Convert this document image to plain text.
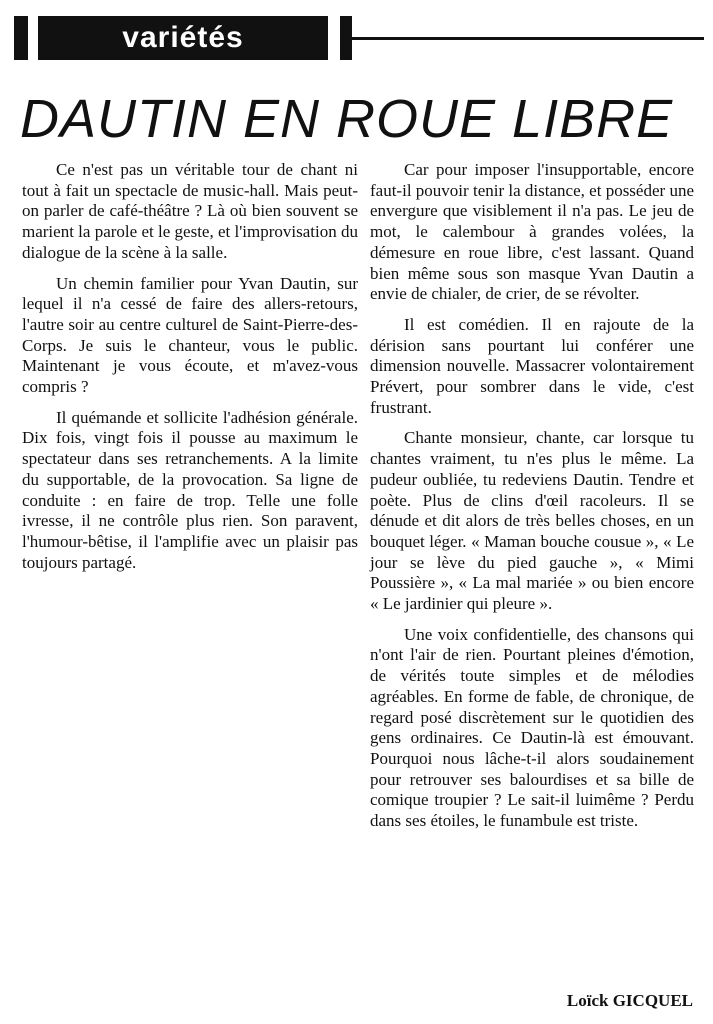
variétés
DAUTIN EN ROUE LIBRE

Ce n'est pas un véritable tour de chant ni tout à fait un spectacle de music-hall. Mais peut-on parler de café-théâtre ? Là où bien souvent se marient la parole et le geste, et l'improvisation du dialogue de la scène à la salle.

Un chemin familier pour Yvan Dautin, sur lequel il n'a cessé de faire des allers-retours, l'autre soir au centre culturel de Saint-Pierre-des-Corps. Je suis le chanteur, vous le public. Maintenant je vous écoute, et m'avez-vous compris ?

Il quémande et sollicite l'adhésion générale. Dix fois, vingt fois il pousse au maximum le spectateur dans ses retranchements. A la limite du supportable, de la provocation. Sa ligne de conduite : en faire de trop. Telle une folle ivresse, il ne contrôle plus rien. Son paravent, l'humour-bêtise, il l'amplifie avec un plaisir pas toujours partagé.

Car pour imposer l'insupportable, encore faut-il pouvoir tenir la distance, et posséder une envergure que visiblement il n'a pas. Le jeu de mot, le calembour à grandes volées, la démesure en roue libre, c'est lassant. Quand bien même sous son masque Yvan Dautin a envie de chialer, de crier, de se révolter.

Il est comédien. Il en rajoute de la dérision sans pourtant lui conférer une dimension nouvelle. Massacrer volontairement Prévert, pour sombrer dans le vide, c'est frustrant.

Chante monsieur, chante, car lorsque tu chantes vraiment, tu n'es plus le même. La pudeur oubliée, tu redeviens Dautin. Tendre et poète. Plus de clins d'œil racoleurs. Il se dénude et dit alors de très belles choses, en un bouquet léger. « Maman bouche cousue », « Le jour se lève du pied gauche », « Mimi Poussière », « La mal mariée » ou bien encore « Le jardinier qui pleure ».

Une voix confidentielle, des chansons qui n'ont l'air de rien. Pourtant pleines d'émotion, de vérités toute simples et de mélodies agréables. En forme de fable, de chronique, de regard posé discrètement sur le quotidien des gens ordinaires. Ce Dautin-là est émouvant. Pourquoi nous lâche-t-il alors soudainement pour retrouver ses balourdises et sa bille de comique troupier ? Le sait-il luimême ? Perdu dans ses étoiles, le funambule est triste.

Loïck GICQUEL
